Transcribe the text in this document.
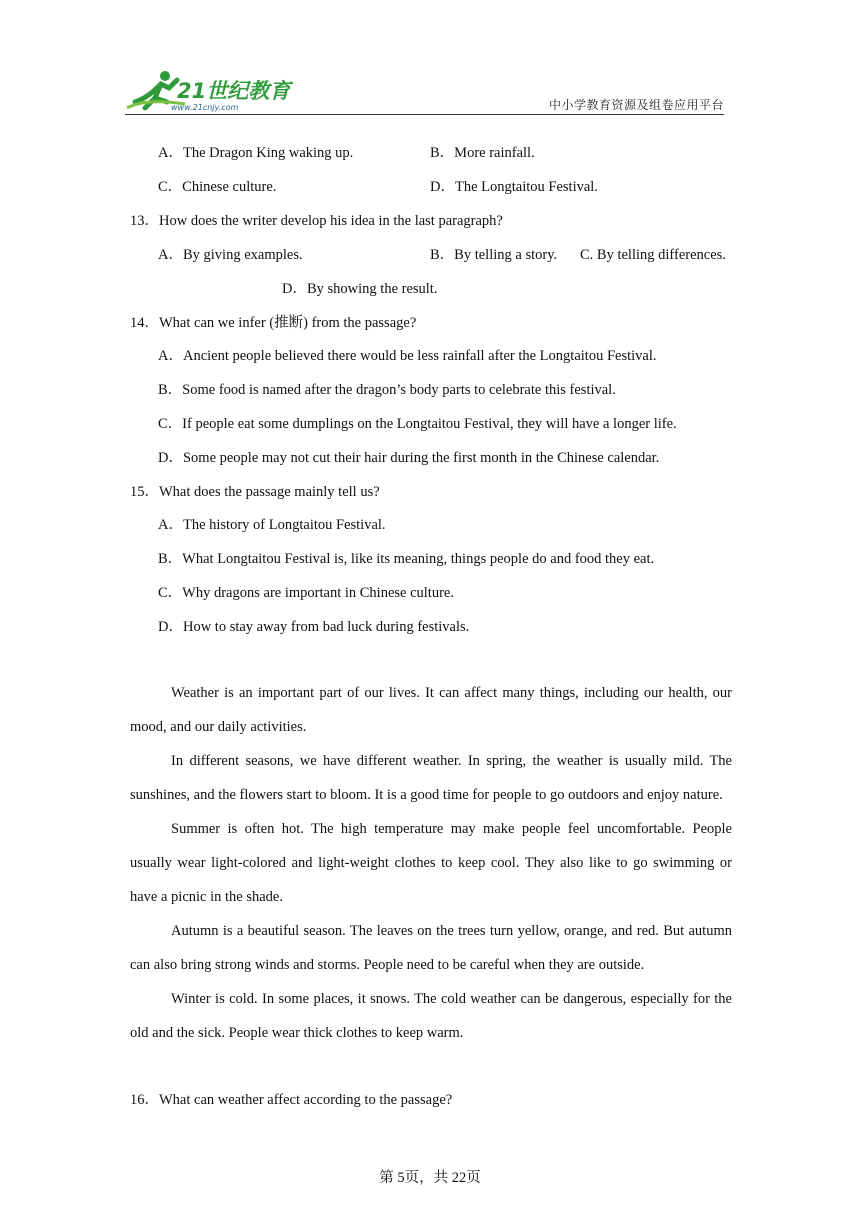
21世纪教育
www.21cnjy.com	中小学教育资源及组卷应用平台
A．The Dragon King waking up.	B．More rainfall.
C．Chinese culture.	D．The Longtaitou Festival.
13．How does the writer develop his idea in the last paragraph?
A．By giving examples.	B．By telling a story. C. By telling differences.
D．By showing the result.
14．What can we infer (推断) from the passage?
A．Ancient people believed there would be less rainfall after the Longtaitou Festival.
B．Some food is named after the dragon’s body parts to celebrate this festival.
C．If people eat some dumplings on the Longtaitou Festival, they will have a longer life.
D．Some people may not cut their hair during the first month in the Chinese calendar.
15．What does the passage mainly tell us?
A．The history of Longtaitou Festival.
B．What Longtaitou Festival is, like its meaning, things people do and food they eat.
C．Why dragons are important in Chinese culture.
D．How to stay away from bad luck during festivals.

Weather is an important part of our lives. It can affect many things, including our health, our mood, and our daily activities.

In different seasons, we have different weather. In spring, the weather is usually mild. The sunshines, and the flowers start to bloom. It is a good time for people to go outdoors and enjoy nature.

Summer is often hot. The high temperature may make people feel uncomfortable. People usually wear light-colored and light-weight clothes to keep cool. They also like to go swimming or have a picnic in the shade.

Autumn is a beautiful season. The leaves on the trees turn yellow, orange, and red. But autumn can also bring strong winds and storms. People need to be careful when they are outside.

Winter is cold. In some places, it snows. The cold weather can be dangerous, especially for the old and the sick. People wear thick clothes to keep warm.

16．What can weather affect according to the passage?
第 5页，共 22页
